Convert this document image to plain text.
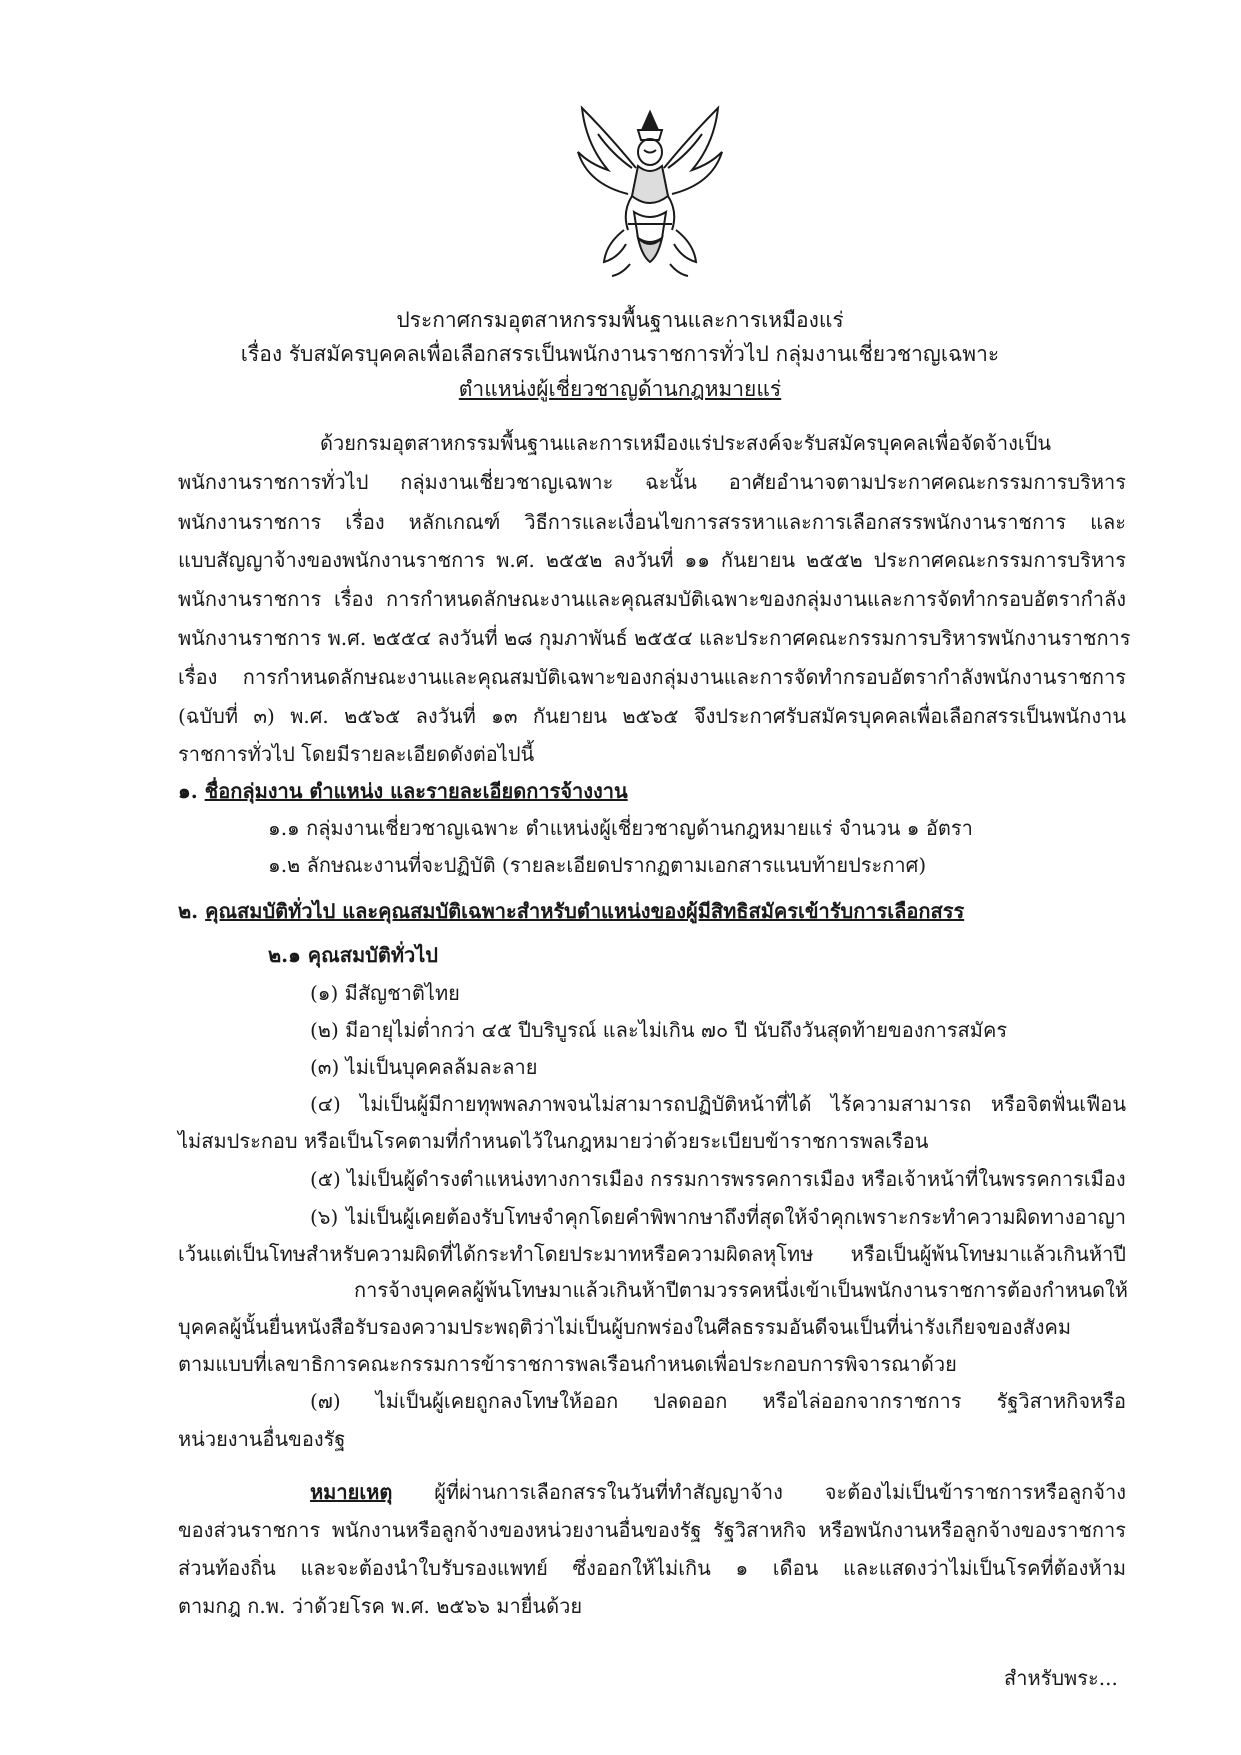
ประกาศกรมอุตสาหกรรมพื้นฐานและการเหมืองแร่
เรื่อง รับสมัครบุคคลเพื่อเลือกสรรเป็นพนักงานราชการทั่วไป กลุ่มงานเชี่ยวชาญเฉพาะ
ตำแหน่งผู้เชี่ยวชาญด้านกฎหมายแร่
ด้วยกรมอุตสาหกรรมพื้นฐานและการเหมืองแร่ประสงค์จะรับสมัครบุคคลเพื่อจัดจ้างเป็น
พนักงานราชการทั่วไป กลุ่มงานเชี่ยวชาญเฉพาะ ฉะนั้น อาศัยอำนาจตามประกาศคณะกรรมการบริหาร
พนักงานราชการ เรื่อง หลักเกณฑ์ วิธีการและเงื่อนไขการสรรหาและการเลือกสรรพนักงานราชการ และ
แบบสัญญาจ้างของพนักงานราชการ พ.ศ. ๒๕๕๒ ลงวันที่ ๑๑ กันยายน ๒๕๕๒ ประกาศคณะกรรมการบริหาร
พนักงานราชการ เรื่อง การกำหนดลักษณะงานและคุณสมบัติเฉพาะของกลุ่มงานและการจัดทำกรอบอัตรากำลัง
พนักงานราชการ พ.ศ. ๒๕๕๔ ลงวันที่ ๒๘ กุมภาพันธ์ ๒๕๕๔ และประกาศคณะกรรมการบริหารพนักงานราชการ
เรื่อง การกำหนดลักษณะงานและคุณสมบัติเฉพาะของกลุ่มงานและการจัดทำกรอบอัตรากำลังพนักงานราชการ
(ฉบับที่ ๓) พ.ศ. ๒๕๖๕ ลงวันที่ ๑๓ กันยายน ๒๕๖๕ จึงประกาศรับสมัครบุคคลเพื่อเลือกสรรเป็นพนักงาน
ราชการทั่วไป โดยมีรายละเอียดดังต่อไปนี้
๑. ชื่อกลุ่มงาน ตำแหน่ง และรายละเอียดการจ้างงาน
๑.๑ กลุ่มงานเชี่ยวชาญเฉพาะ ตำแหน่งผู้เชี่ยวชาญด้านกฎหมายแร่ จำนวน ๑ อัตรา
๑.๒ ลักษณะงานที่จะปฏิบัติ (รายละเอียดปรากฏตามเอกสารแนบท้ายประกาศ)
๒. คุณสมบัติทั่วไป และคุณสมบัติเฉพาะสำหรับตำแหน่งของผู้มีสิทธิสมัครเข้ารับการเลือกสรร
๒.๑ คุณสมบัติทั่วไป
(๑) มีสัญชาติไทย
(๒) มีอายุไม่ต่ำกว่า ๔๕ ปีบริบูรณ์ และไม่เกิน ๗๐ ปี นับถึงวันสุดท้ายของการสมัคร
(๓) ไม่เป็นบุคคลล้มละลาย
(๔) ไม่เป็นผู้มีกายทุพพลภาพจนไม่สามารถปฏิบัติหน้าที่ได้ ไร้ความสามารถ หรือจิตฟั่นเฟือน
ไม่สมประกอบ หรือเป็นโรคตามที่กำหนดไว้ในกฎหมายว่าด้วยระเบียบข้าราชการพลเรือน
(๕) ไม่เป็นผู้ดำรงตำแหน่งทางการเมือง กรรมการพรรคการเมือง หรือเจ้าหน้าที่ในพรรคการเมือง
(๖) ไม่เป็นผู้เคยต้องรับโทษจำคุกโดยคำพิพากษาถึงที่สุดให้จำคุกเพราะกระทำความผิดทางอาญา
เว้นแต่เป็นโทษสำหรับความผิดที่ได้กระทำโดยประมาทหรือความผิดลหุโทษ หรือเป็นผู้พ้นโทษมาแล้วเกินห้าปี
การจ้างบุคคลผู้พ้นโทษมาแล้วเกินห้าปีตามวรรคหนึ่งเข้าเป็นพนักงานราชการต้องกำหนดให้
บุคคลผู้นั้นยื่นหนังสือรับรองความประพฤติว่าไม่เป็นผู้บกพร่องในศีลธรรมอันดีจนเป็นที่น่ารังเกียจของสังคม
ตามแบบที่เลขาธิการคณะกรรมการข้าราชการพลเรือนกำหนดเพื่อประกอบการพิจารณาด้วย
(๗) ไม่เป็นผู้เคยถูกลงโทษให้ออก ปลดออก หรือไล่ออกจากราชการ รัฐวิสาหกิจหรือ
หน่วยงานอื่นของรัฐ
หมายเหตุ ผู้ที่ผ่านการเลือกสรรในวันที่ทำสัญญาจ้าง จะต้องไม่เป็นข้าราชการหรือลูกจ้าง
ของส่วนราชการ พนักงานหรือลูกจ้างของหน่วยงานอื่นของรัฐ รัฐวิสาหกิจ หรือพนักงานหรือลูกจ้างของราชการ
ส่วนท้องถิ่น และจะต้องนำใบรับรองแพทย์ ซึ่งออกให้ไม่เกิน ๑ เดือน และแสดงว่าไม่เป็นโรคที่ต้องห้าม
ตามกฎ ก.พ. ว่าด้วยโรค พ.ศ. ๒๕๖๖ มายื่นด้วย
สำหรับพระ...
